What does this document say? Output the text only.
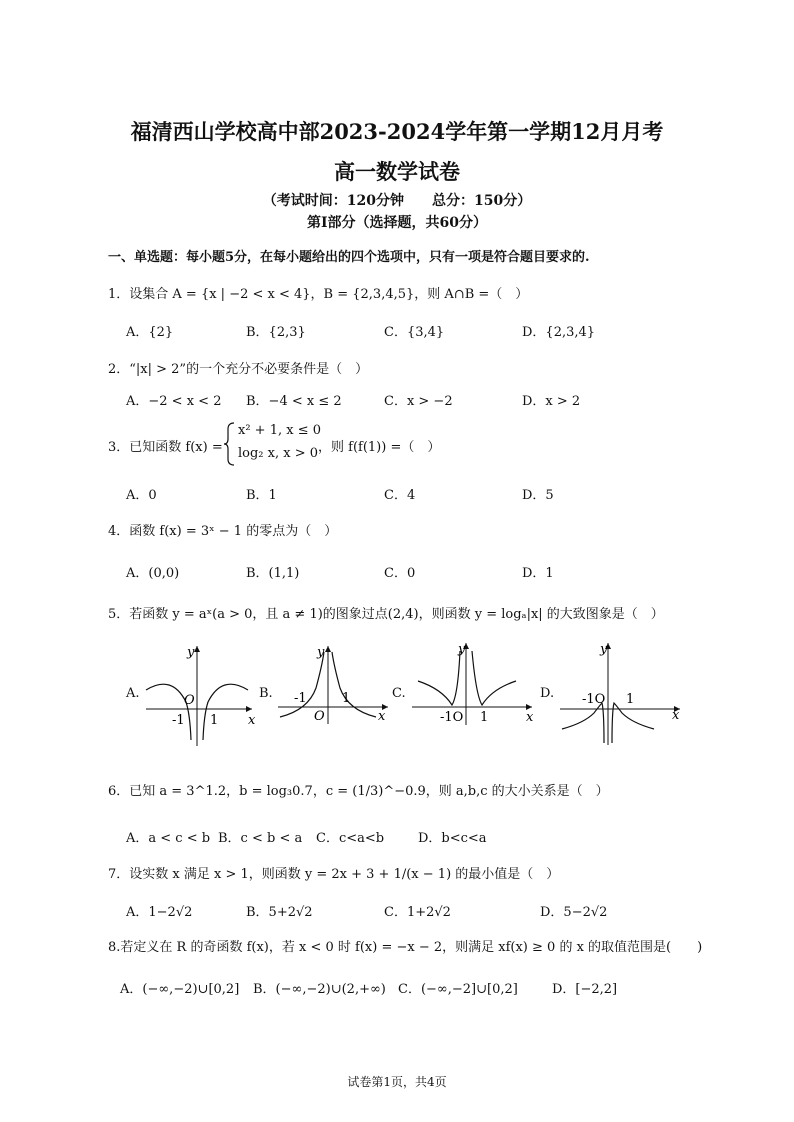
福清西山学校高中部2023-2024学年第一学期12月月考
高一数学试卷
（考试时间：120分钟　　总分：150分）
第Ⅰ部分（选择题，共60分）
一、单选题：每小题5分，在每小题给出的四个选项中，只有一项是符合题目要求的.
1．设集合 A = {x | −2 < x < 4}，B = {2,3,4,5}，则 A∩B =（　）
A．{2}	B．{2,3}	C．{3,4}	D．{2,3,4}
2．“|x| > 2”的一个充分不必要条件是（　）
A．−2 < x < 2 B．−4 < x ≤ 2	C．x > −2	D．x > 2
3．已知函数 f(x) =
x² + 1, x ≤ 0
log₂ x, x > 0 ，则 f(f(1)) =（　）
A．0	B．1	C．4	D．5
4．函数 f(x) = 3ˣ − 1 的零点为（　）
A．(0,0)	B．(1,1)	C．0	D．1
5．若函数 y = aˣ(a > 0，且 a ≠ 1)的图象过点(2,4)，则函数 y = logₐ|x| 的大致图象是（　）
A.
y
x
O
-1 1
B.
y
x
O
-1	1	C.
y
x
-1O 1
D.
y
x
-1O 1
6．已知 a = 3^1.2，b = log₃0.7，c = (1/3)^−0.9，则 a,b,c 的大小关系是（　）
A．a < c < b B．c < b < a C．c<a<b	D．b<c<a
7．设实数 x 满足 x > 1，则函数 y = 2x + 3 + 1/(x − 1) 的最小值是（　）
A．1−2√2	B．5+2√2	C．1+2√2	D．5−2√2
8.若定义在 R 的奇函数 f(x)，若 x < 0 时 f(x) = −x − 2，则满足 xf(x) ≥ 0 的 x 的取值范围是(　　)
A．(−∞,−2)∪[0,2] B．(−∞,−2)∪(2,+∞) C．(−∞,−2]∪[0,2]	D．[−2,2]
试卷第1页，共4页
